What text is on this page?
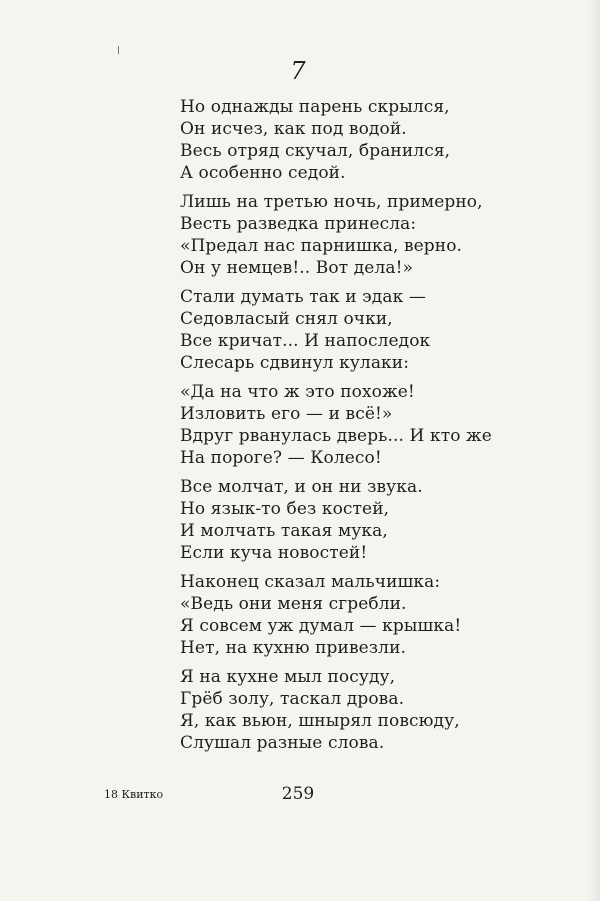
7
Но однажды парень скрылся,
Он исчез, как под водой.
Весь отряд скучал, бранился,
А особенно седой.
Лишь на третью ночь, примерно,
Весть разведка принесла:
«Предал нас парнишка, верно.
Он у немцев!.. Вот дела!»
Стали думать так и эдак —
Седовласый снял очки,
Все кричат... И напоследок
Слесарь сдвинул кулаки:
«Да на что ж это похоже!
Изловить его — и всё!»
Вдруг рванулась дверь... И кто же
На пороге? — Колесо!
Все молчат, и он ни звука.
Но язык-то без костей,
И молчать такая мука,
Если куча новостей!
Наконец сказал мальчишка:
«Ведь они меня сгребли.
Я совсем уж думал — крышка!
Нет, на кухню привезли.
Я на кухне мыл посуду,
Грёб золу, таскал дрова.
Я, как вьюн, шнырял повсюду,
Слушал разные слова.
18 Квитко	259
